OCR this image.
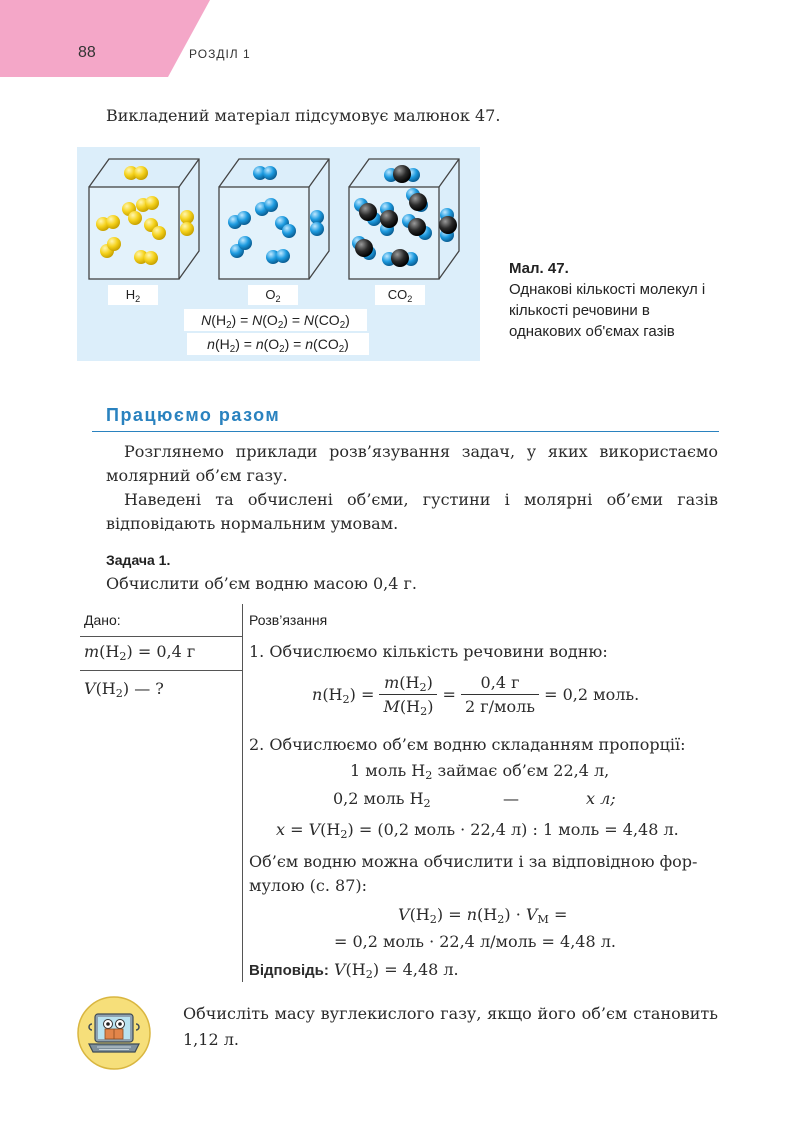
88	РОЗДІЛ 1
Викладений матеріал підсумовує малюнок 47.
$H_2$	$O_2$	$CO_2$
$N(H_2) = N(O_2) = N(CO_2)$
$n(H_2) = n(O_2) = n(CO_2)$
Мал. 47.
Однакові кількості молекул і кількості речовини в однакових об'ємах газів
Працюємо разом
Розглянемо приклади розв’язування задач, у яких використаємо молярний об’єм газу.
Наведені та обчислені об’єми, густини і молярні об’єми газів відповідають нормальним умовам.
Задача 1.
Обчислити об’єм водню масою 0,4 г.
Дано:	Розв’язання
$m(H_2) = 0,4$ г
$V(H_2)$ — ?
1. Обчислюємо кількість речовини водню:
$n(H_2) = \frac{m(H_2)}{M(H_2)} = \frac{0,4 г}{\text{2 г/моль}} = 0,2$ моль.
2. Обчислюємо об’єм водню складанням пропорції:
1 моль $H_2$ займає об’єм 22,4 л,
0,2 моль $H_2$	—	x л;
$x = V(H_2) = (0,2$ моль · 22,4 л) : 1 моль = 4,48 л.
Об’єм водню можна обчислити і за відповідною фор-
мулою (с. 87):
$V(H_2) = n(H_2) \cdot V_M$ =
= 0,2 моль · 22,4 л/моль = 4,48 л.
Відповідь: $V(H_2) = 4,48$ л.
Обчисліть масу вуглекислого газу, якщо його об’єм становить 1,12 л.
